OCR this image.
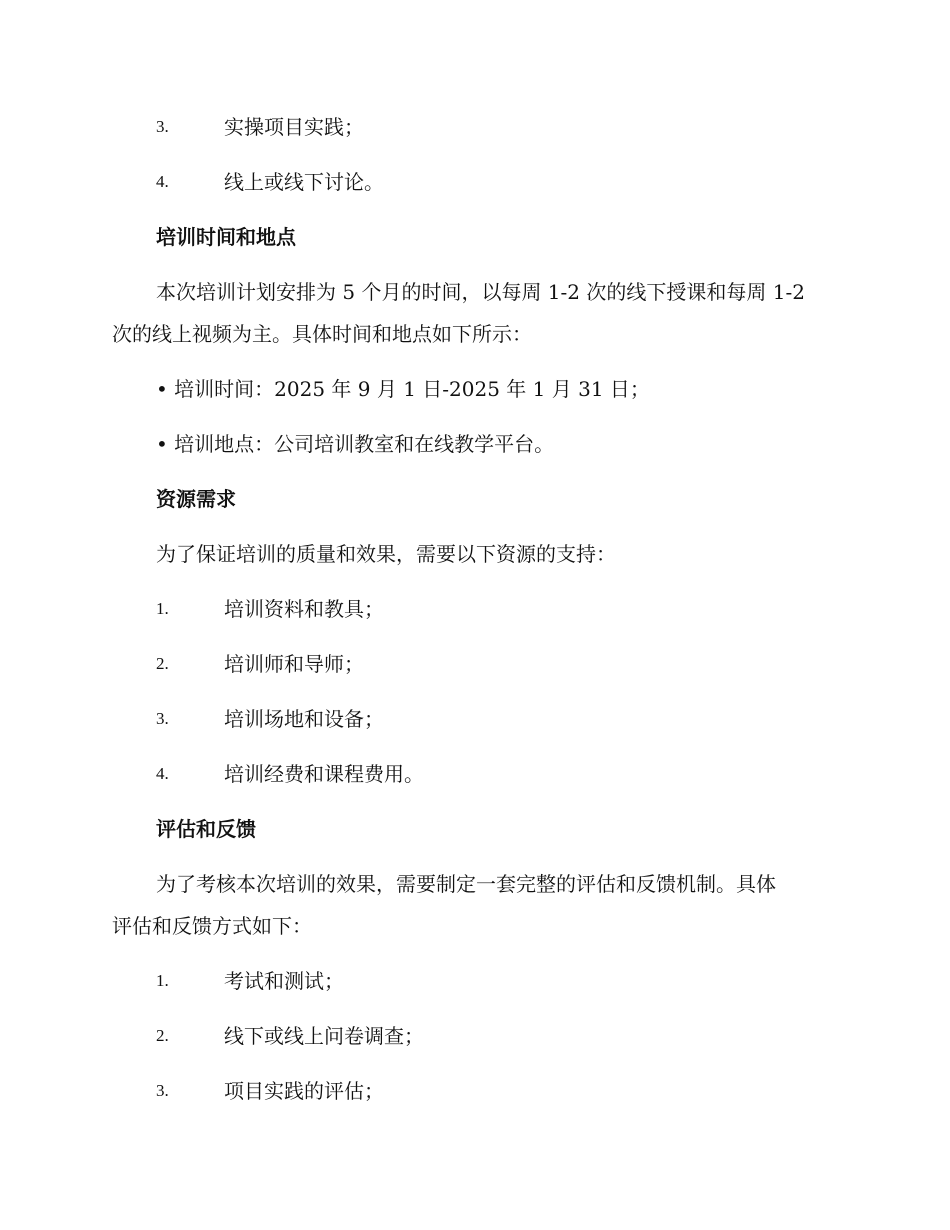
3.	实操项目实践；
4.	线上或线下讨论。
培训时间和地点
本次培训计划安排为 5 个月的时间，以每周 1-2 次的线下授课和每周 1-2
次的线上视频为主。具体时间和地点如下所示：
• 培训时间：2025 年 9 月 1 日-2025 年 1 月 31 日；
• 培训地点：公司培训教室和在线教学平台。
资源需求
为了保证培训的质量和效果，需要以下资源的支持：
1.	培训资料和教具；
2.	培训师和导师；
3.	培训场地和设备；
4.	培训经费和课程费用。
评估和反馈
为了考核本次培训的效果，需要制定一套完整的评估和反馈机制。具体
评估和反馈方式如下：
1.	考试和测试；
2.	线下或线上问卷调查；
3.	项目实践的评估；
